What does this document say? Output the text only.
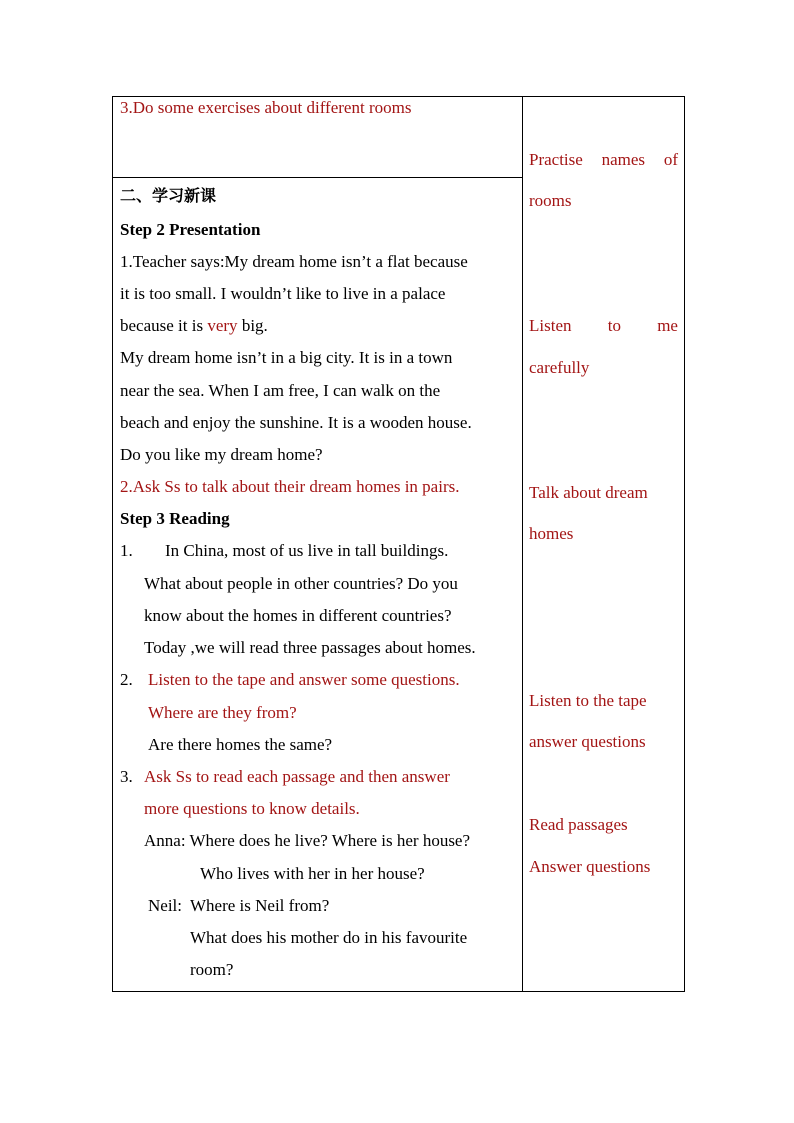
3.Do some exercises about different rooms
二、学习新课
Step 2 Presentation
1.Teacher says:My dream home isn’t a flat because
it is too small. I wouldn’t like to live in a palace
because it is very big.
My dream home isn’t in a big city. It is in a town
near the sea. When I am free, I can walk on the
beach and enjoy the sunshine. It is a wooden house.
Do you like my dream home?
2.Ask Ss to talk about their dream homes in pairs.
Step 3 Reading
1. In China, most of us live in tall buildings.
What about people in other countries? Do you
know about the homes in different countries?
Today ,we will read three passages about homes.
2. Listen to the tape and answer some questions.
Where are they from?
Are there homes the same?
3. Ask Ss to read each passage and then answer
more questions to know details.
Anna: Where does he live? Where is her house?
Who lives with her in her house?
Neil: Where is Neil from?
What does his mother do in his favourite
room?
Practise names of
rooms
Listen to me
carefully
Talk about dream
homes
Listen to the tape
answer questions
Read passages
Answer questions
